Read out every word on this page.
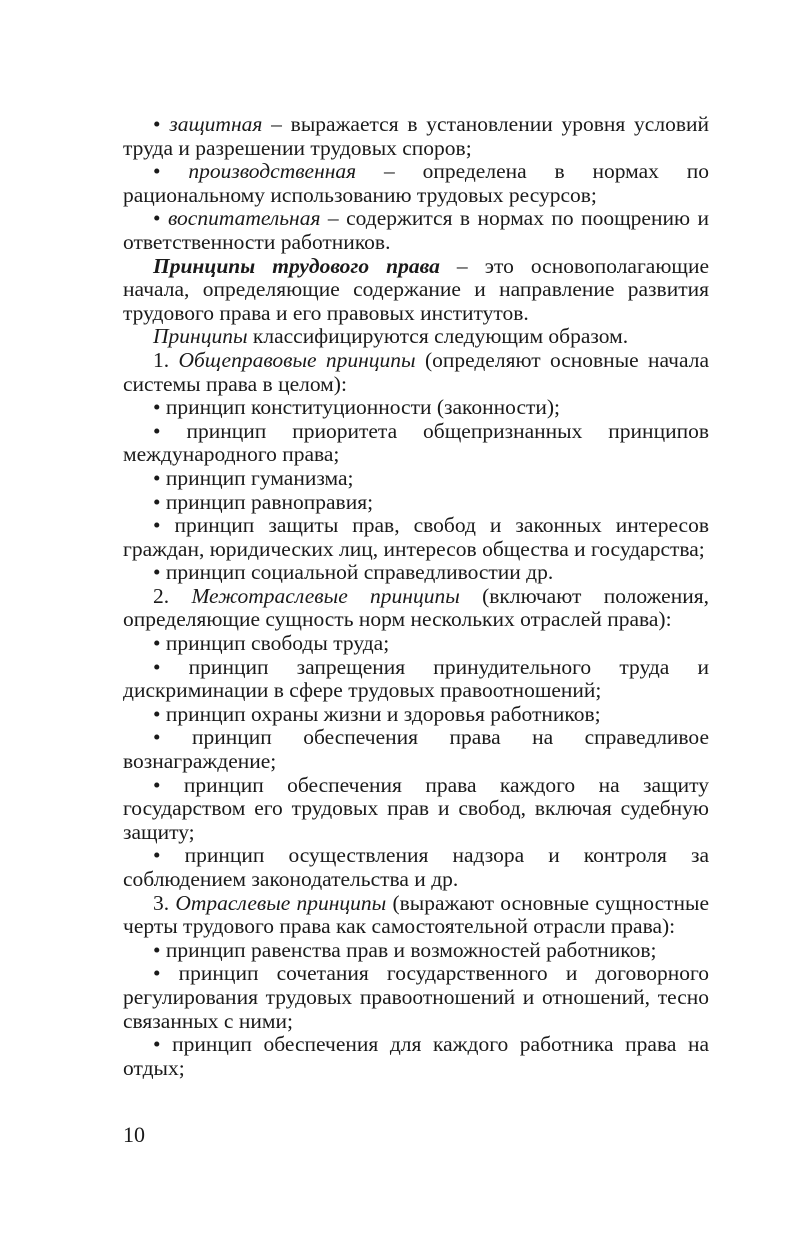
• защитная – выражается в установлении уровня условий труда и разрешении трудовых споров;

• производственная – определена в нормах по рациональному использованию трудовых ресурсов;

• воспитательная – содержится в нормах по поощрению и ответственности работников.

Принципы трудового права – это основополагающие начала, определяющие содержание и направление развития трудового права и его правовых институтов.

Принципы классифицируются следующим образом.

1. Общеправовые принципы (определяют основные начала системы права в целом):

• принцип конституционности (законности);

• принцип приоритета общепризнанных принципов международного права;

• принцип гуманизма;

• принцип равноправия;

• принцип защиты прав, свобод и законных интересов граждан, юридических лиц, интересов общества и государства;

• принцип социальной справедливостии др.

2. Межотраслевые принципы (включают положения, определяющие сущность норм нескольких отраслей права):

• принцип свободы труда;

• принцип запрещения принудительного труда и дискриминации в сфере трудовых правоотношений;

• принцип охраны жизни и здоровья работников;

• принцип обеспечения права на справедливое вознаграждение;

• принцип обеспечения права каждого на защиту государством его трудовых прав и свобод, включая судебную защиту;

• принцип осуществления надзора и контроля за соблюдением законодательства и др.

3. Отраслевые принципы (выражают основные сущностные черты трудового права как самостоятельной отрасли права):

• принцип равенства прав и возможностей работников;

• принцип сочетания государственного и договорного регулирования трудовых правоотношений и отношений, тесно связанных с ними;

• принцип обеспечения для каждого работника права на отдых;

10
